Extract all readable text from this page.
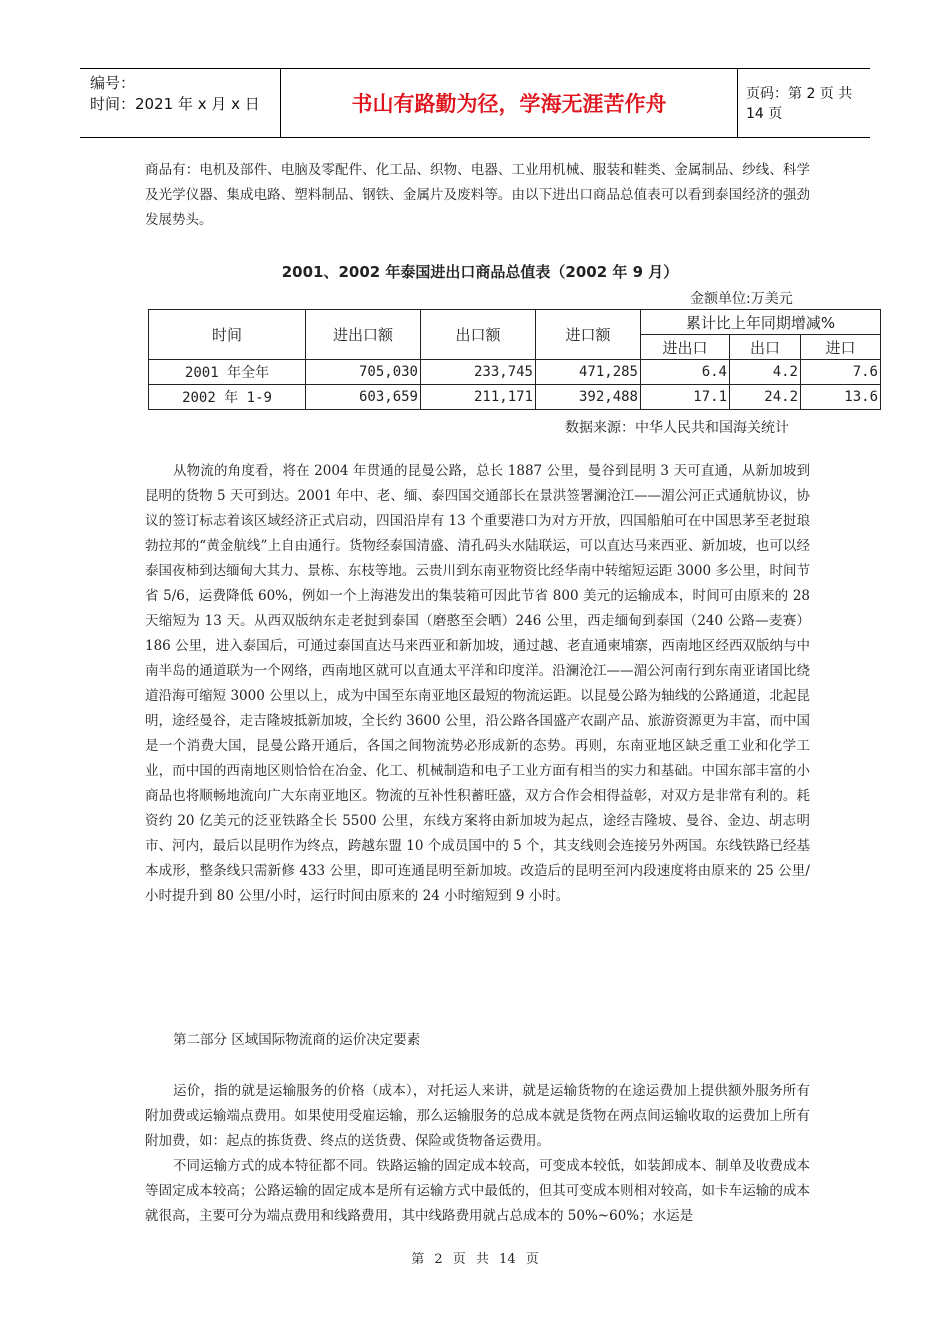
编号：
时间：2021 年 x 月 x 日	书山有路勤为径，学海无涯苦作舟	页码：第 2 页 共 14 页

商品有：电机及部件、电脑及零配件、化工品、织物、电器、工业用机械、服装和鞋类、金属制品、纱线、科学及光学仪器、集成电路、塑料制品、钢铁、金属片及废料等。由以下进出口商品总值表可以看到泰国经济的强劲发展势头。

2001、2002 年泰国进出口商品总值表（2002 年 9 月）
金额单位:万美元
时间	进出口额	出口额	进口额	累计比上年同期增减%		
				进出口	出口	进口
2001 年全年	705,030	233,745	471,285	6.4	4.2	7.6
2002 年 1-9	603,659	211,171	392,488	17.1	24.2	13.6
数据来源：中华人民共和国海关统计

从物流的角度看，将在 2004 年贯通的昆曼公路，总长 1887 公里，曼谷到昆明 3 天可直通，从新加坡到昆明的货物 5 天可到达。2001 年中、老、缅、泰四国交通部长在景洪签署澜沧江——湄公河正式通航协议，协议的签订标志着该区域经济正式启动，四国沿岸有 13 个重要港口为对方开放，四国船舶可在中国思茅至老挝琅勃拉邦的“黄金航线”上自由通行。货物经泰国清盛、清孔码头水陆联运，可以直达马来西亚、新加坡，也可以经泰国夜柿到达缅甸大其力、景栋、东枝等地。云贵川到东南亚物资比经华南中转缩短运距 3000 多公里，时间节省 5/6，运费降低 60%，例如一个上海港发出的集装箱可因此节省 800 美元的运输成本，时间可由原来的 28 天缩短为 13 天。从西双版纳东走老挝到泰国（磨憨至会晒）246 公里，西走缅甸到泰国（240 公路—麦赛）186 公里，进入泰国后，可通过泰国直达马来西亚和新加坡，通过越、老直通柬埔寨，西南地区经西双版纳与中南半岛的通道联为一个网络，西南地区就可以直通太平洋和印度洋。沿澜沧江——湄公河南行到东南亚诸国比绕道沿海可缩短 3000 公里以上，成为中国至东南亚地区最短的物流运距。以昆曼公路为轴线的公路通道，北起昆明，途经曼谷，走吉隆坡抵新加坡，全长约 3600 公里，沿公路各国盛产农副产品、旅游资源更为丰富，而中国是一个消费大国，昆曼公路开通后，各国之间物流势必形成新的态势。再则，东南亚地区缺乏重工业和化学工业，而中国的西南地区则恰恰在冶金、化工、机械制造和电子工业方面有相当的实力和基础。中国东部丰富的小商品也将顺畅地流向广大东南亚地区。物流的互补性积蓄旺盛，双方合作会相得益彰，对双方是非常有利的。耗资约 20 亿美元的泛亚铁路全长 5500 公里，东线方案将由新加坡为起点，途经吉隆坡、曼谷、金边、胡志明市、河内，最后以昆明作为终点，跨越东盟 10 个成员国中的 5 个，其支线则会连接另外两国。东线铁路已经基本成形，整条线只需新修 433 公里，即可连通昆明至新加坡。改造后的昆明至河内段速度将由原来的 25 公里/小时提升到 80 公里/小时，运行时间由原来的 24 小时缩短到 9 小时。

第二部分 区域国际物流商的运价决定要素

运价，指的就是运输服务的价格（成本），对托运人来讲，就是运输货物的在途运费加上提供额外服务所有附加费或运输端点费用。如果使用受雇运输，那么运输服务的总成本就是货物在两点间运输收取的运费加上所有附加费，如：起点的拣货费、终点的送货费、保险或货物备运费用。

不同运输方式的成本特征都不同。铁路运输的固定成本较高，可变成本较低，如装卸成本、制单及收费成本等固定成本较高；公路运输的固定成本是所有运输方式中最低的，但其可变成本则相对较高，如卡车运输的成本就很高，主要可分为端点费用和线路费用，其中线路费用就占总成本的 50%~60%；水运是

第 2 页 共 14 页
